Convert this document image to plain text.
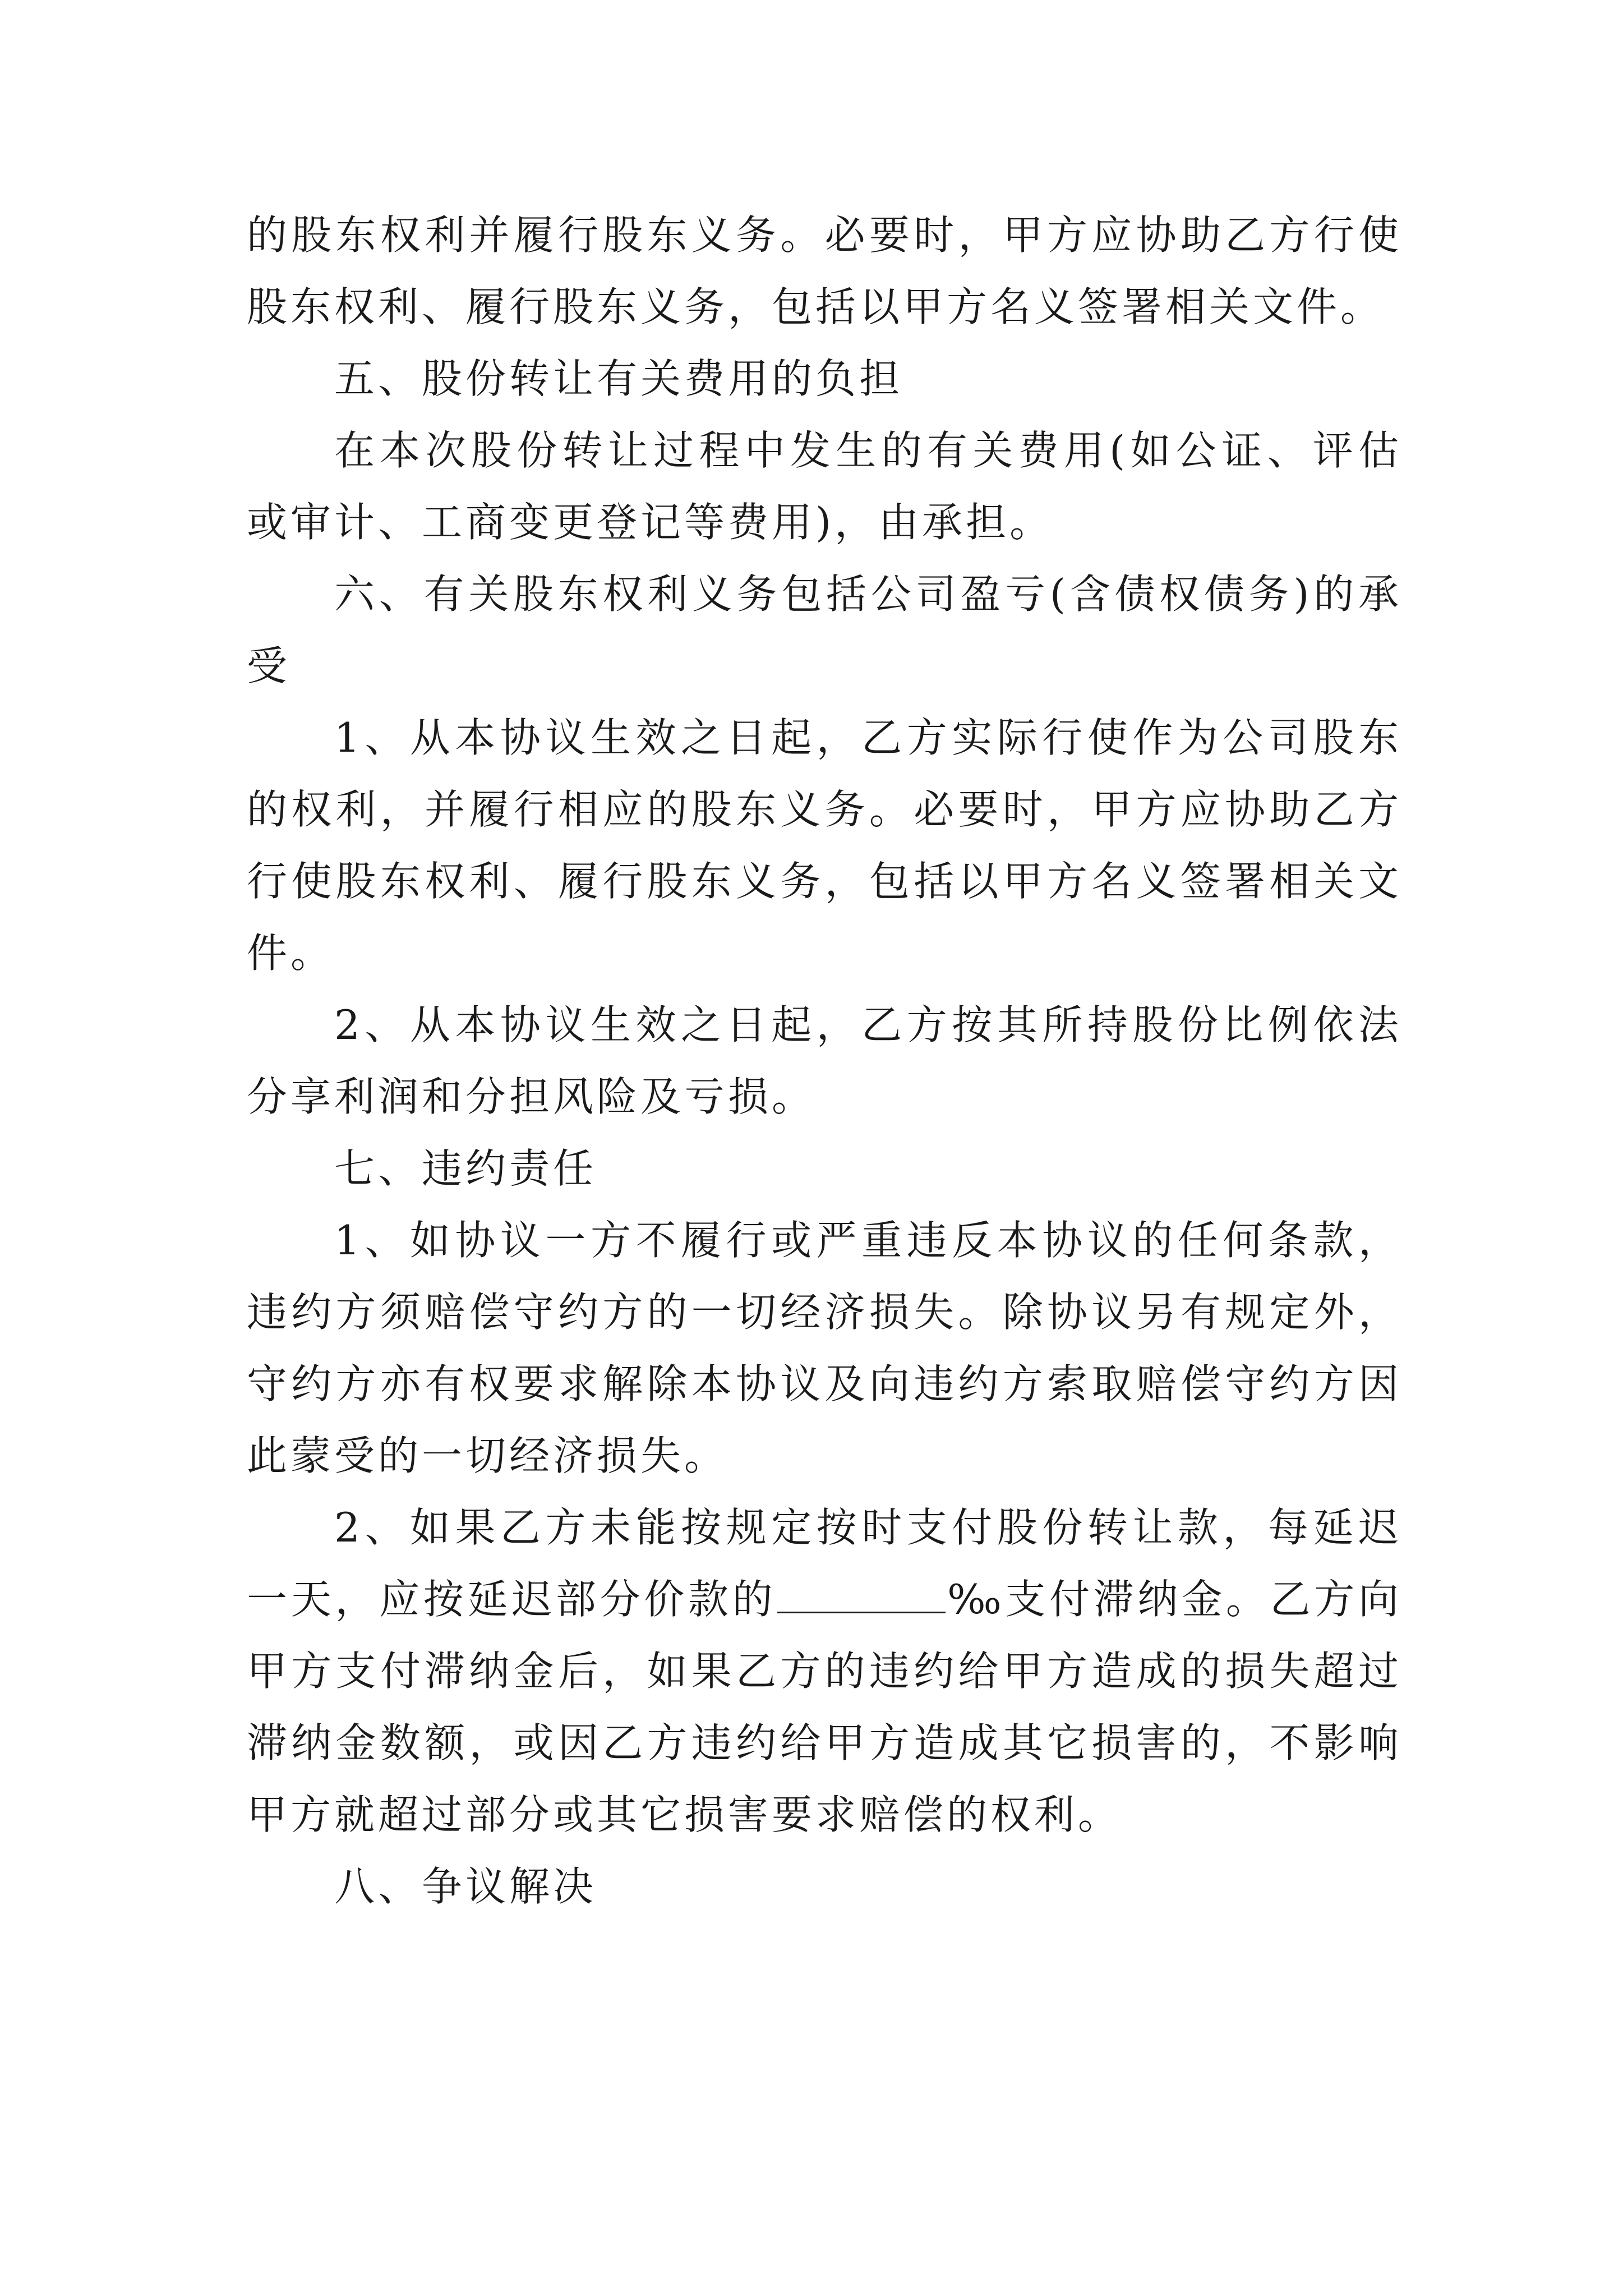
的股东权利并履行股东义务。必要时，甲方应协助乙方行使股东权利、履行股东义务，包括以甲方名义签署相关文件。

五、股份转让有关费用的负担

在本次股份转让过程中发生的有关费用(如公证、评估或审计、工商变更登记等费用)，由承担。

六、有关股东权利义务包括公司盈亏(含债权债务)的承受

1、从本协议生效之日起，乙方实际行使作为公司股东的权利，并履行相应的股东义务。必要时，甲方应协助乙方行使股东权利、履行股东义务，包括以甲方名义签署相关文件。

2、从本协议生效之日起，乙方按其所持股份比例依法分享利润和分担风险及亏损。

七、违约责任

1、如协议一方不履行或严重违反本协议的任何条款，违约方须赔偿守约方的一切经济损失。除协议另有规定外，守约方亦有权要求解除本协议及向违约方索取赔偿守约方因此蒙受的一切经济损失。

2、如果乙方未能按规定按时支付股份转让款，每延迟一天，应按延迟部分价款的	‰支付滞纳金。乙方向甲方支付滞纳金后，如果乙方的违约给甲方造成的损失超过滞纳金数额，或因乙方违约给甲方造成其它损害的，不影响甲方就超过部分或其它损害要求赔偿的权利。

八、争议解决
